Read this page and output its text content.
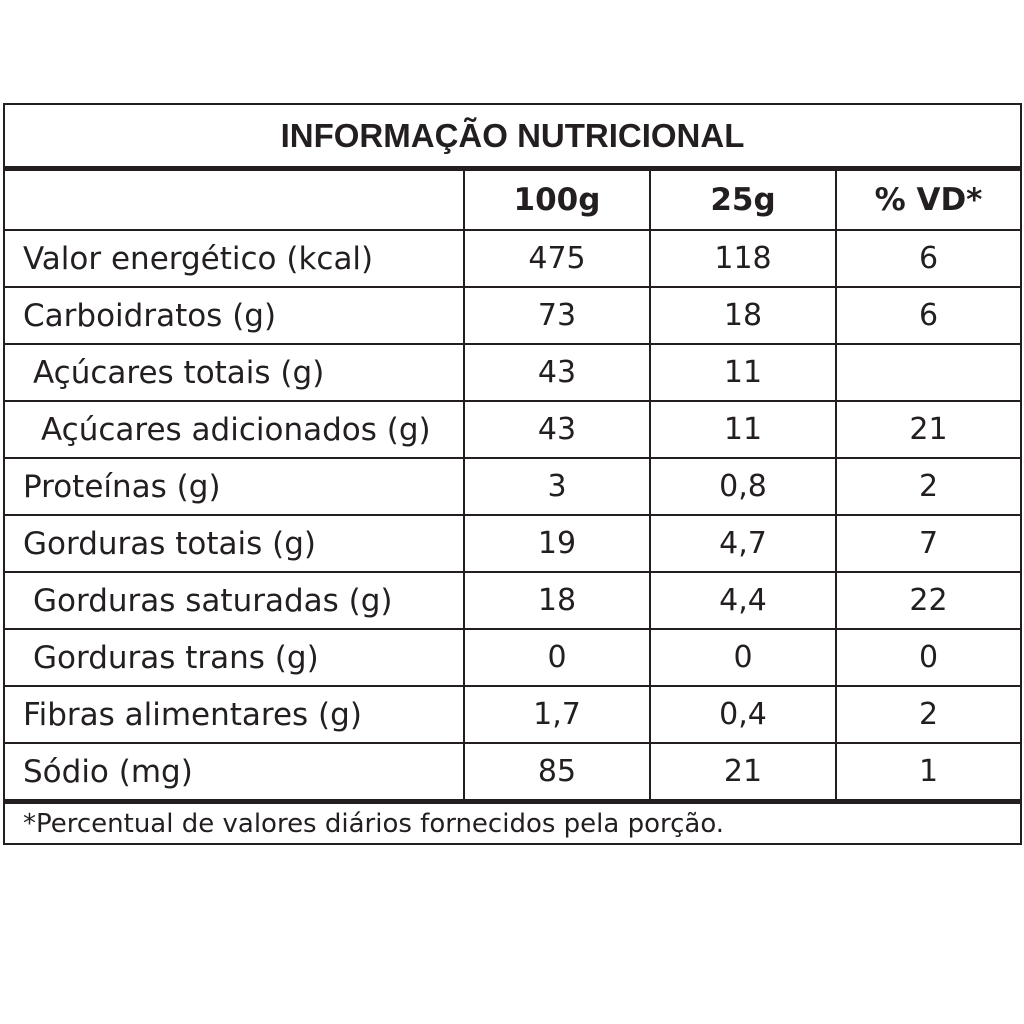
INFORMAÇÃO NUTRICIONAL
	100g	25g	% VD*
Valor energético (kcal)	475	118	6
Carboidratos (g)	73	18	6
Açúcares totais (g)	43	11	
Açúcares adicionados (g)	43	11	21
Proteínas (g)	3	0,8	2
Gorduras totais (g)	19	4,7	7
Gorduras saturadas (g)	18	4,4	22
Gorduras trans (g)	0	0	0
Fibras alimentares (g)	1,7	0,4	2
Sódio (mg)	85	21	1
*Percentual de valores diários fornecidos pela porção.
